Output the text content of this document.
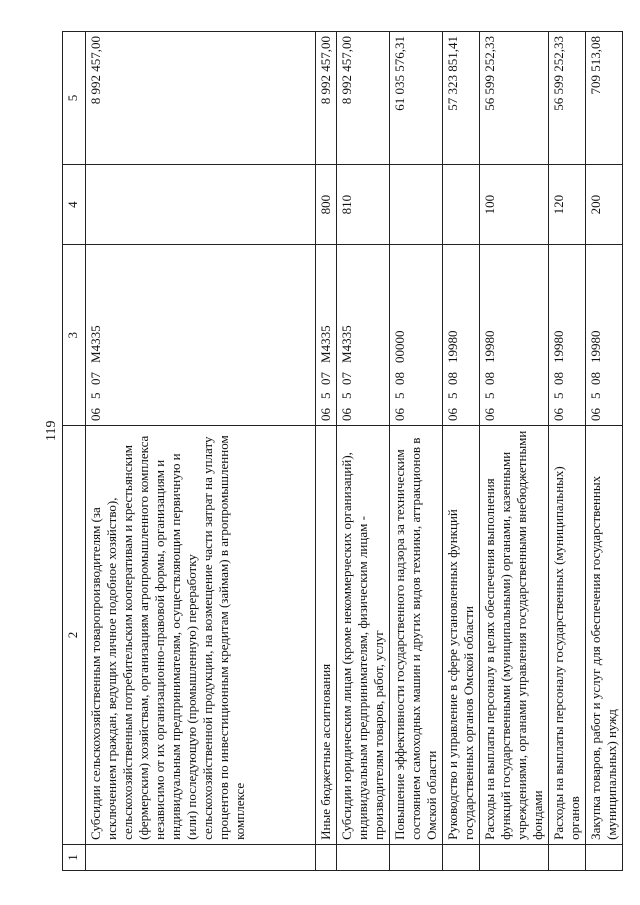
119
1	2	3	4	5
	Субсидии сельскохозяйственным товаропроизводителям (за исключением граждан, ведущих личное подобное хозяйство), сельскохозяйственным потребительским кооперативам и крестьянским (фермерским) хозяйствам, организациям агропромышленного комплекса независимо от их организационно-правовой формы, организациям и индивидуальным предпринимателям, осуществляющим первичную и (или) последующую (промышленную) переработку сельскохозяйственной продукции, на возмещение части затрат на уплату процентов по инвестиционным кредитам (займам) в агропромышленном комплексе	06507M4335		8 992 457,00
	Иные бюджетные ассигнования	06507M4335	800	8 992 457,00
	Субсидии юридическим лицам (кроме некоммерческих организаций), индивидуальным предпринимателям, физическим лицам - производителям товаров, работ, услуг	06507M4335	810	8 992 457,00
	Повышение эффективности государственного надзора за техническим состоянием самоходных машин и других видов техники, аттракционов в Омской области	0650800000		61 035 576,31
	Руководство и управление в сфере установленных функций государственных органов Омской области	0650819980		57 323 851,41
	Расходы на выплаты персоналу в целях обеспечения выполнения функций государственными (муниципальными) органами, казенными учреждениями, органами управления государственными внебюджетными фондами	0650819980	100	56 599 252,33
	Расходы на выплаты персоналу государственных (муниципальных) органов	0650819980	120	56 599 252,33
	Закупка товаров, работ и услуг для обеспечения государственных (муниципальных) нужд	0650819980	200	709 513,08
